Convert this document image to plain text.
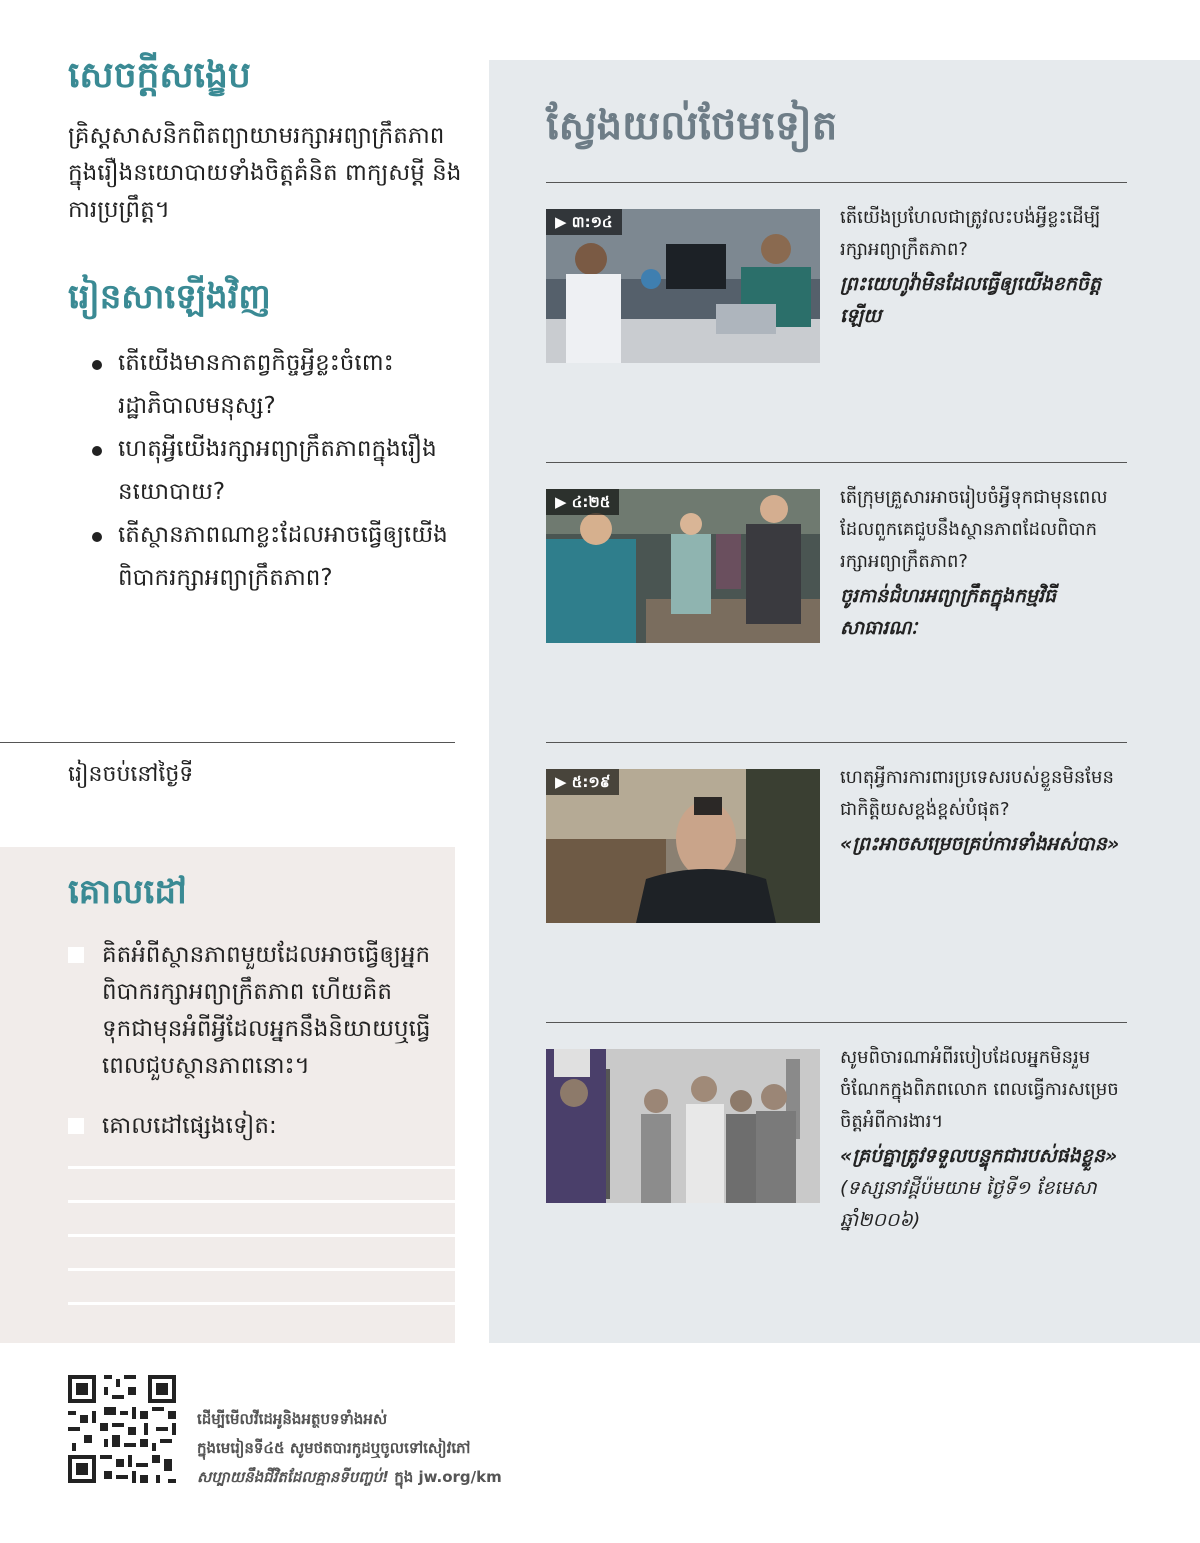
សេចក្ដីសង្ខេប
គ្រិស្តសាសនិកពិតព្យាយាមរក្សាអព្យាក្រឹតភាពក្នុងរឿងនយោបាយទាំងចិត្តគំនិត ពាក្យសម្ដី និងការប្រព្រឹត្ត។
រៀនសាឡើងវិញ
តើយើងមានកាតព្វកិច្ចអ្វីខ្លះចំពោះរដ្ឋាភិបាលមនុស្ស?
ហេតុអ្វីយើងរក្សាអព្យាក្រឹតភាពក្នុងរឿងនយោបាយ?
តើស្ថានភាពណាខ្លះដែលអាចធ្វើឲ្យយើងពិបាករក្សាអព្យាក្រឹតភាព?
រៀនចប់នៅថ្ងៃទី
គោលដៅ
គិតអំពីស្ថានភាពមួយដែលអាចធ្វើឲ្យអ្នកពិបាករក្សាអព្យាក្រឹតភាព ហើយគិតទុកជាមុនអំពីអ្វីដែលអ្នកនឹងនិយាយឬធ្វើពេលជួបស្ថានភាពនោះ។
គោលដៅផ្សេងទៀត:
ស្វែងយល់ថែមទៀត
▶ ៣:១៤	តើយើងប្រហែលជាត្រូវលះបង់អ្វីខ្លះដើម្បីរក្សាអព្យាក្រឹតភាព?
ព្រះយេហូវ៉ាមិនដែលធ្វើឲ្យយើងខកចិត្តឡើយ
▶ ៤:២៥	តើក្រុមគ្រួសារអាចរៀបចំអ្វីទុកជាមុនពេលដែលពួកគេជួបនឹងស្ថានភាពដែលពិបាករក្សាអព្យាក្រឹតភាព?
ចូរកាន់ជំហរអព្យាក្រឹតក្នុងកម្មវិធីសាធារណៈ
▶ ៥:១៩	ហេតុអ្វីការការពារប្រទេសរបស់ខ្លួនមិនមែនជាកិត្តិយសខ្ពង់ខ្ពស់បំផុត?
«ព្រះអាចសម្រេចគ្រប់ការទាំងអស់បាន»
សូមពិចារណាអំពីរបៀបដែលអ្នកមិនរួមចំណែកក្នុងពិភពលោក ពេលធ្វើការសម្រេចចិត្តអំពីការងារ។
«គ្រប់គ្នាត្រូវទទួលបន្ទុកជារបស់ផងខ្លួន» (ទស្សនាវដ្ដីប៉មយាម ថ្ងៃទី១ ខែមេសា ឆ្នាំ២០០៦)
ដើម្បីមើលវីដេអូនិងអត្ថបទទាំងអស់
ក្នុងមេរៀនទី៤៥ សូមថតបារកូដឬចូលទៅសៀវភៅ
សប្បាយនឹងជីវិតដែលគ្មានទីបញ្ចប់! ក្នុង jw.org/km
